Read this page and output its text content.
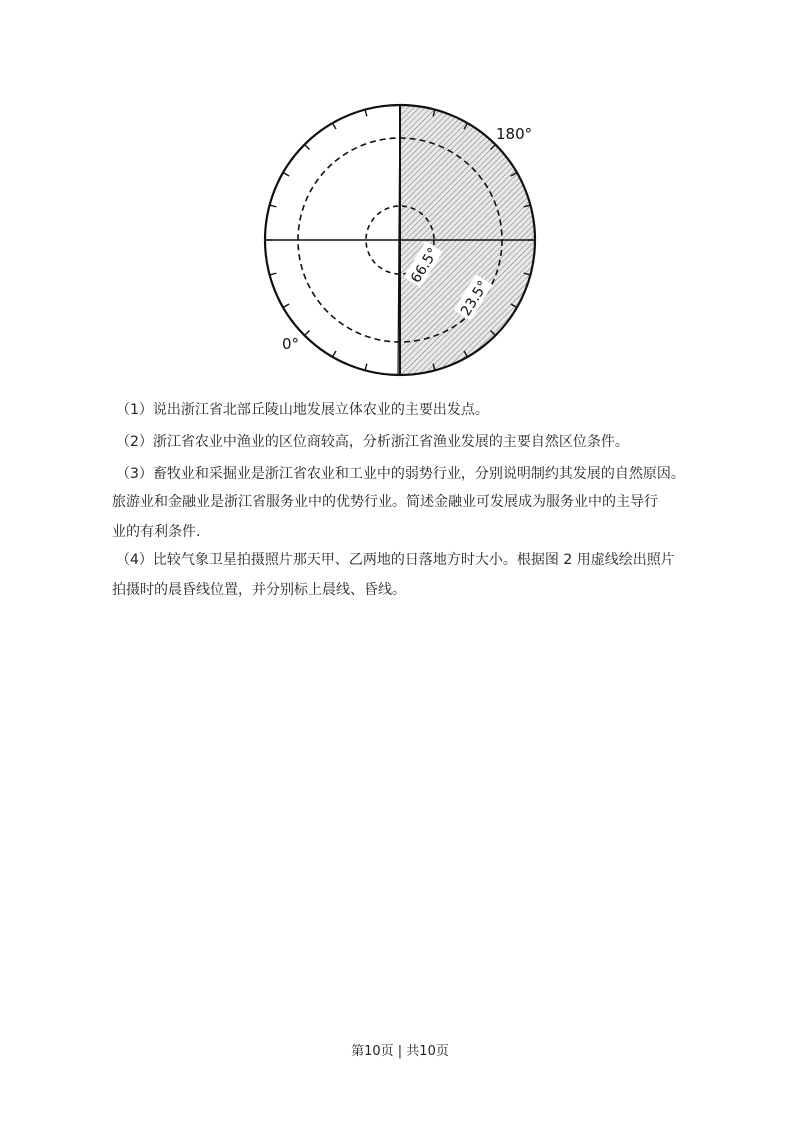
180°
0°
66.5°
23.5°
（1）说出浙江省北部丘陵山地发展立体农业的主要出发点。
（2）浙江省农业中渔业的区位商较高，分析浙江省渔业发展的主要自然区位条件。
（3）畜牧业和采掘业是浙江省农业和工业中的弱势行业，分别说明制约其发展的自然原因。
旅游业和金融业是浙江省服务业中的优势行业。简述金融业可发展成为服务业中的主导行
业的有利条件.
（4）比较气象卫星拍摄照片那天甲、乙两地的日落地方时大小。根据图 2 用虚线绘出照片
拍摄时的晨昏线位置，并分别标上晨线、昏线。
第10页 | 共10页
